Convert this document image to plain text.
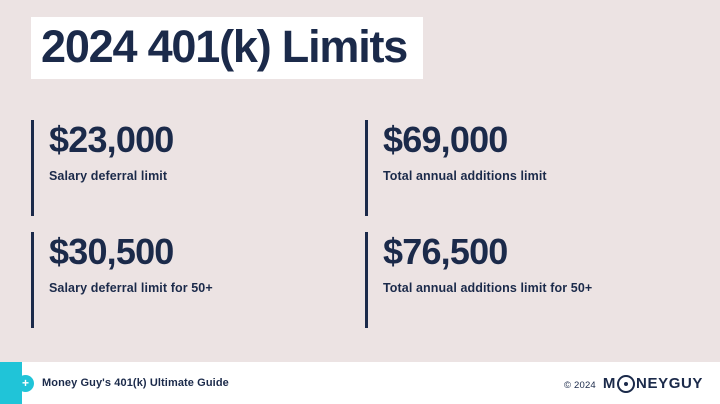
2024 401(k) Limits
$23,000
Salary deferral limit
$69,000
Total annual additions limit
$30,500
Salary deferral limit for 50+
$76,500
Total annual additions limit for 50+
+	Money Guy's 401(k) Ultimate Guide	© 2024 M NEY GUY
